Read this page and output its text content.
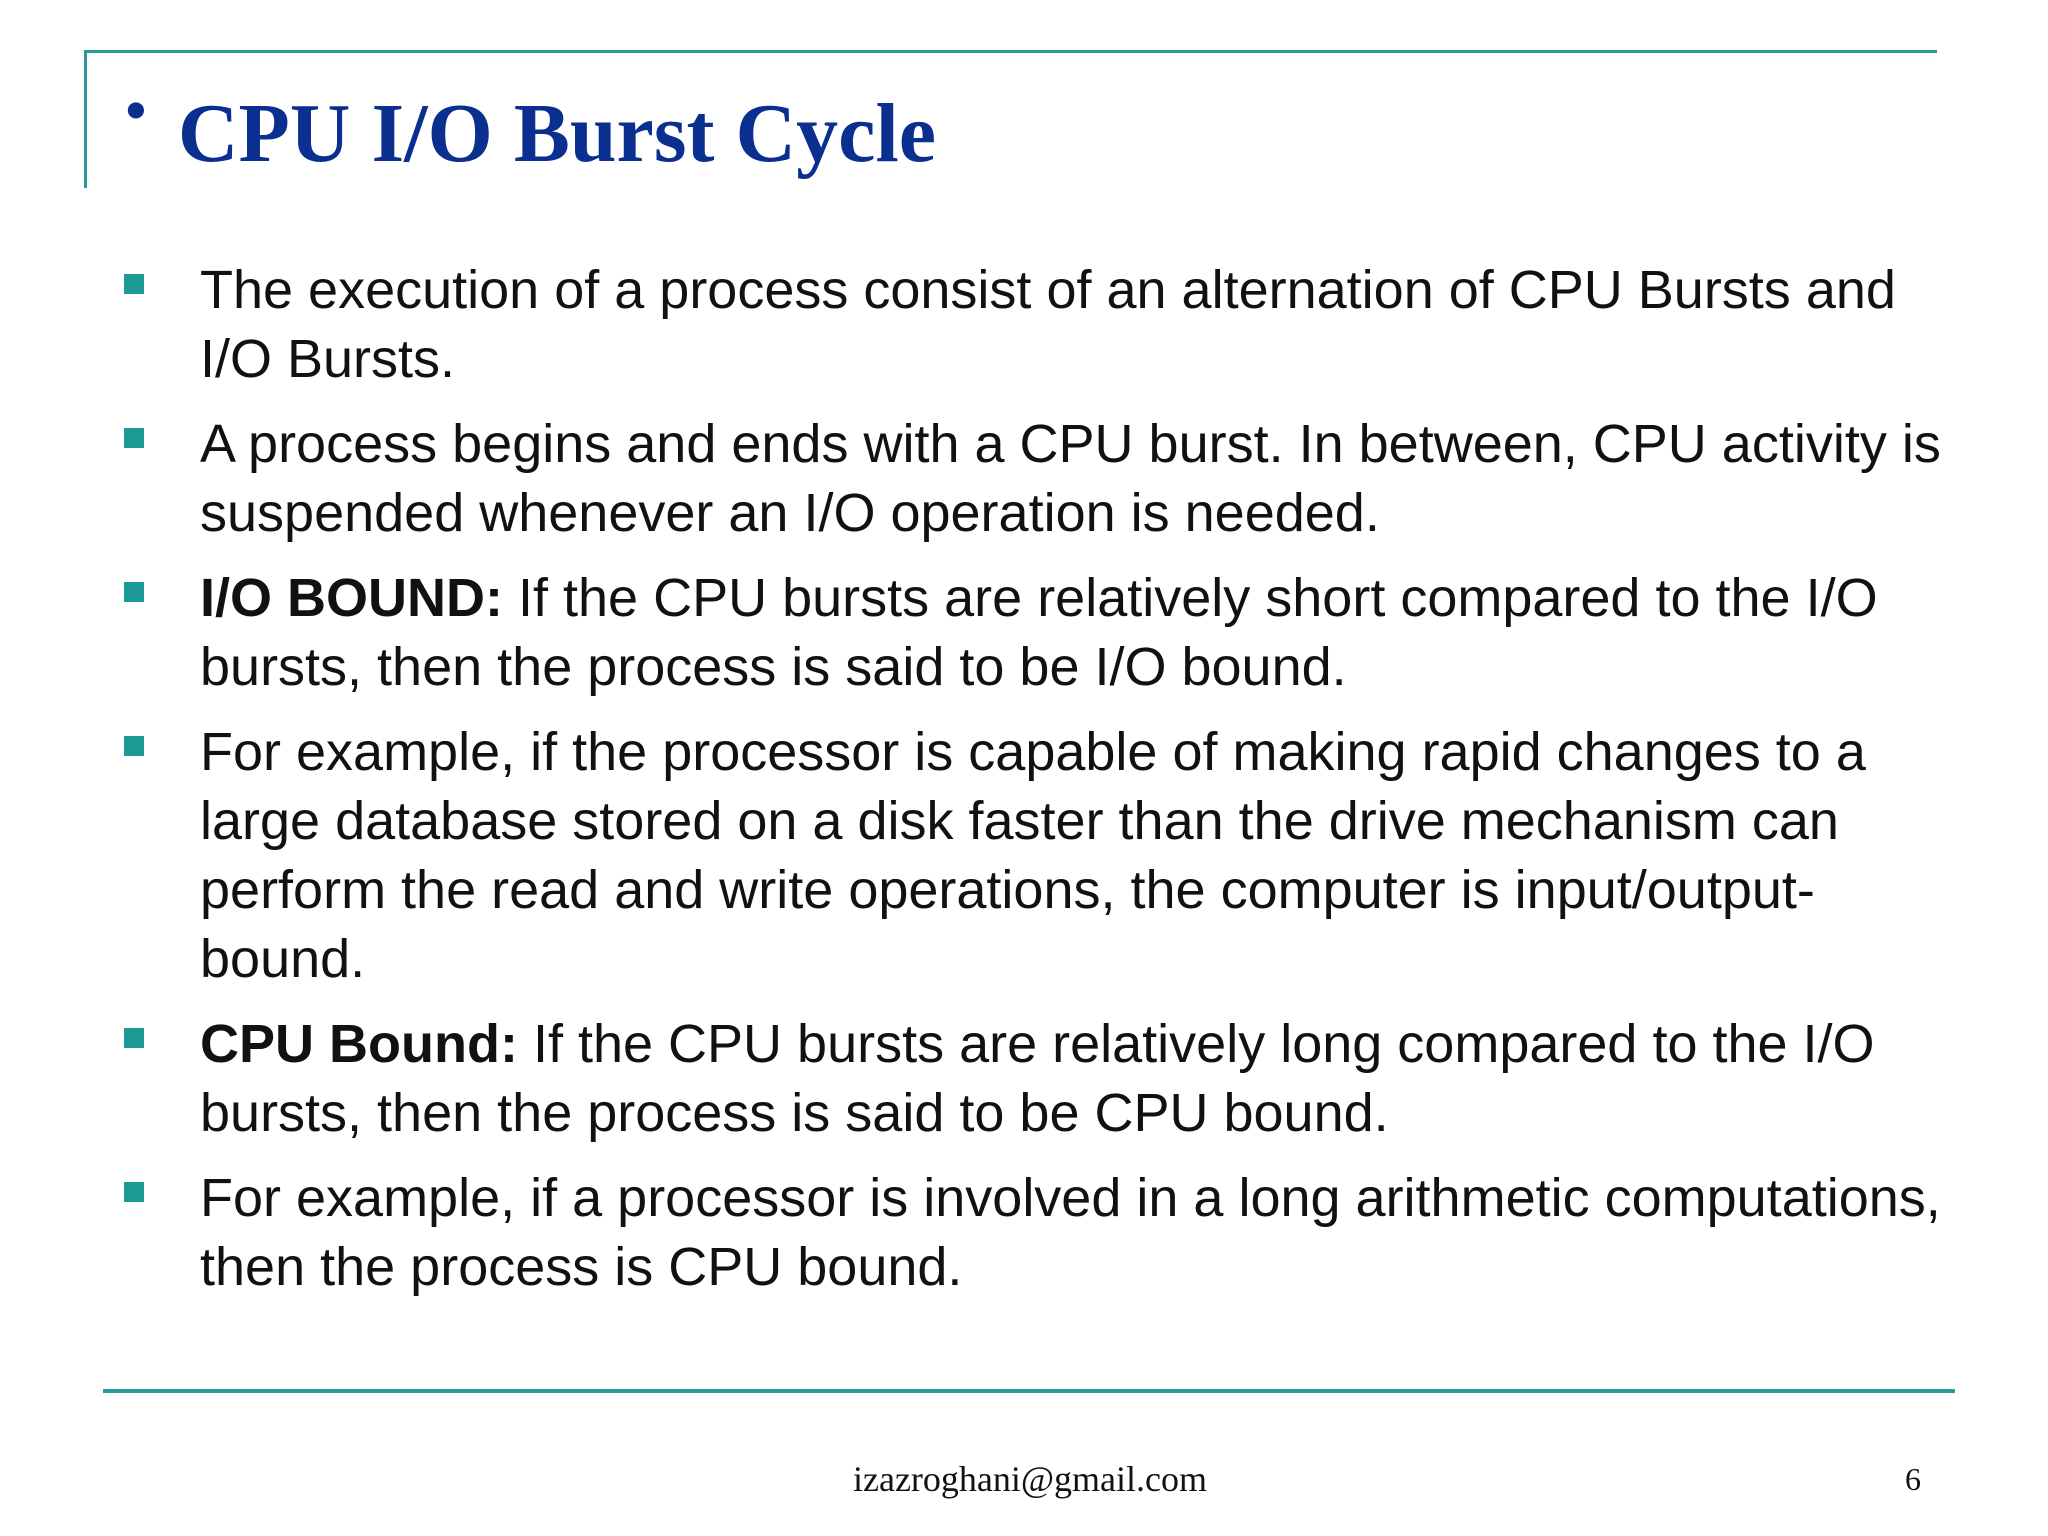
• CPU I/O Burst Cycle
The execution of a process consist of an alternation of CPU Bursts and I/O Bursts.
A process begins and ends with a CPU burst. In between, CPU activity is suspended whenever an I/O operation is needed.
I/O BOUND: If the CPU bursts are relatively short compared to the I/O bursts, then the process is said to be I/O bound.
For example, if the processor is capable of making rapid changes to a large database stored on a disk faster than the drive mechanism can perform the read and write operations, the computer is input/output-bound.
CPU Bound: If the CPU bursts are relatively long compared to the I/O bursts, then the process is said to be CPU bound.
For example, if a processor is involved in a long arithmetic computations, then the process is CPU bound.
izazroghani@gmail.com	6
